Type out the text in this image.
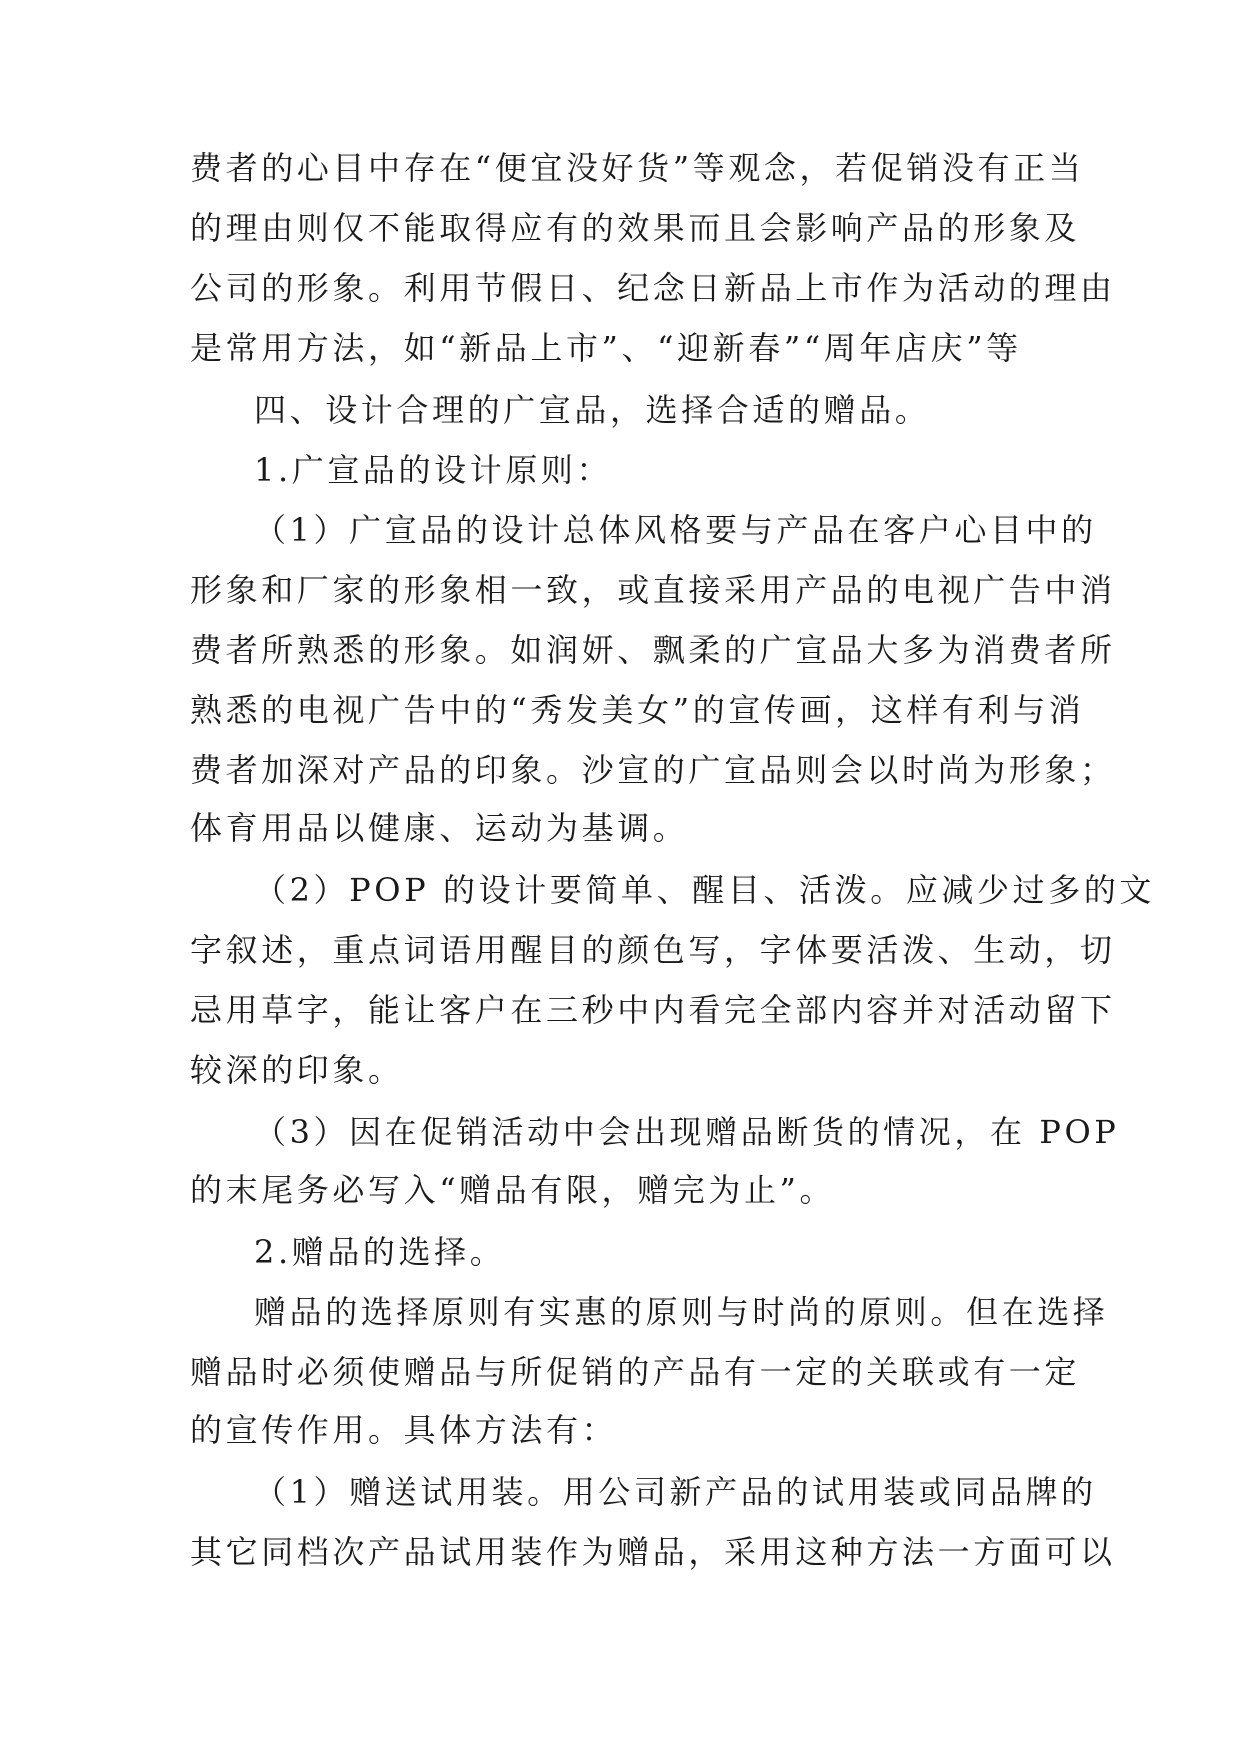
费者的心目中存在“便宜没好货”等观念，若促销没有正当
的理由则仅不能取得应有的效果而且会影响产品的形象及
公司的形象。利用节假日、纪念日新品上市作为活动的理由
是常用方法，如“新品上市”、“迎新春”“周年店庆”等
四、设计合理的广宣品，选择合适的赠品。
1.广宣品的设计原则：
（1）广宣品的设计总体风格要与产品在客户心目中的
形象和厂家的形象相一致，或直接采用产品的电视广告中消
费者所熟悉的形象。如润妍、飘柔的广宣品大多为消费者所
熟悉的电视广告中的“秀发美女”的宣传画，这样有利与消
费者加深对产品的印象。沙宣的广宣品则会以时尚为形象；
体育用品以健康、运动为基调。
（2）POP 的设计要简单、醒目、活泼。应减少过多的文
字叙述，重点词语用醒目的颜色写，字体要活泼、生动，切
忌用草字，能让客户在三秒中内看完全部内容并对活动留下
较深的印象。
（3）因在促销活动中会出现赠品断货的情况，在 POP
的末尾务必写入“赠品有限，赠完为止”。
2.赠品的选择。
赠品的选择原则有实惠的原则与时尚的原则。但在选择
赠品时必须使赠品与所促销的产品有一定的关联或有一定
的宣传作用。具体方法有：
（1）赠送试用装。用公司新产品的试用装或同品牌的
其它同档次产品试用装作为赠品，采用这种方法一方面可以
